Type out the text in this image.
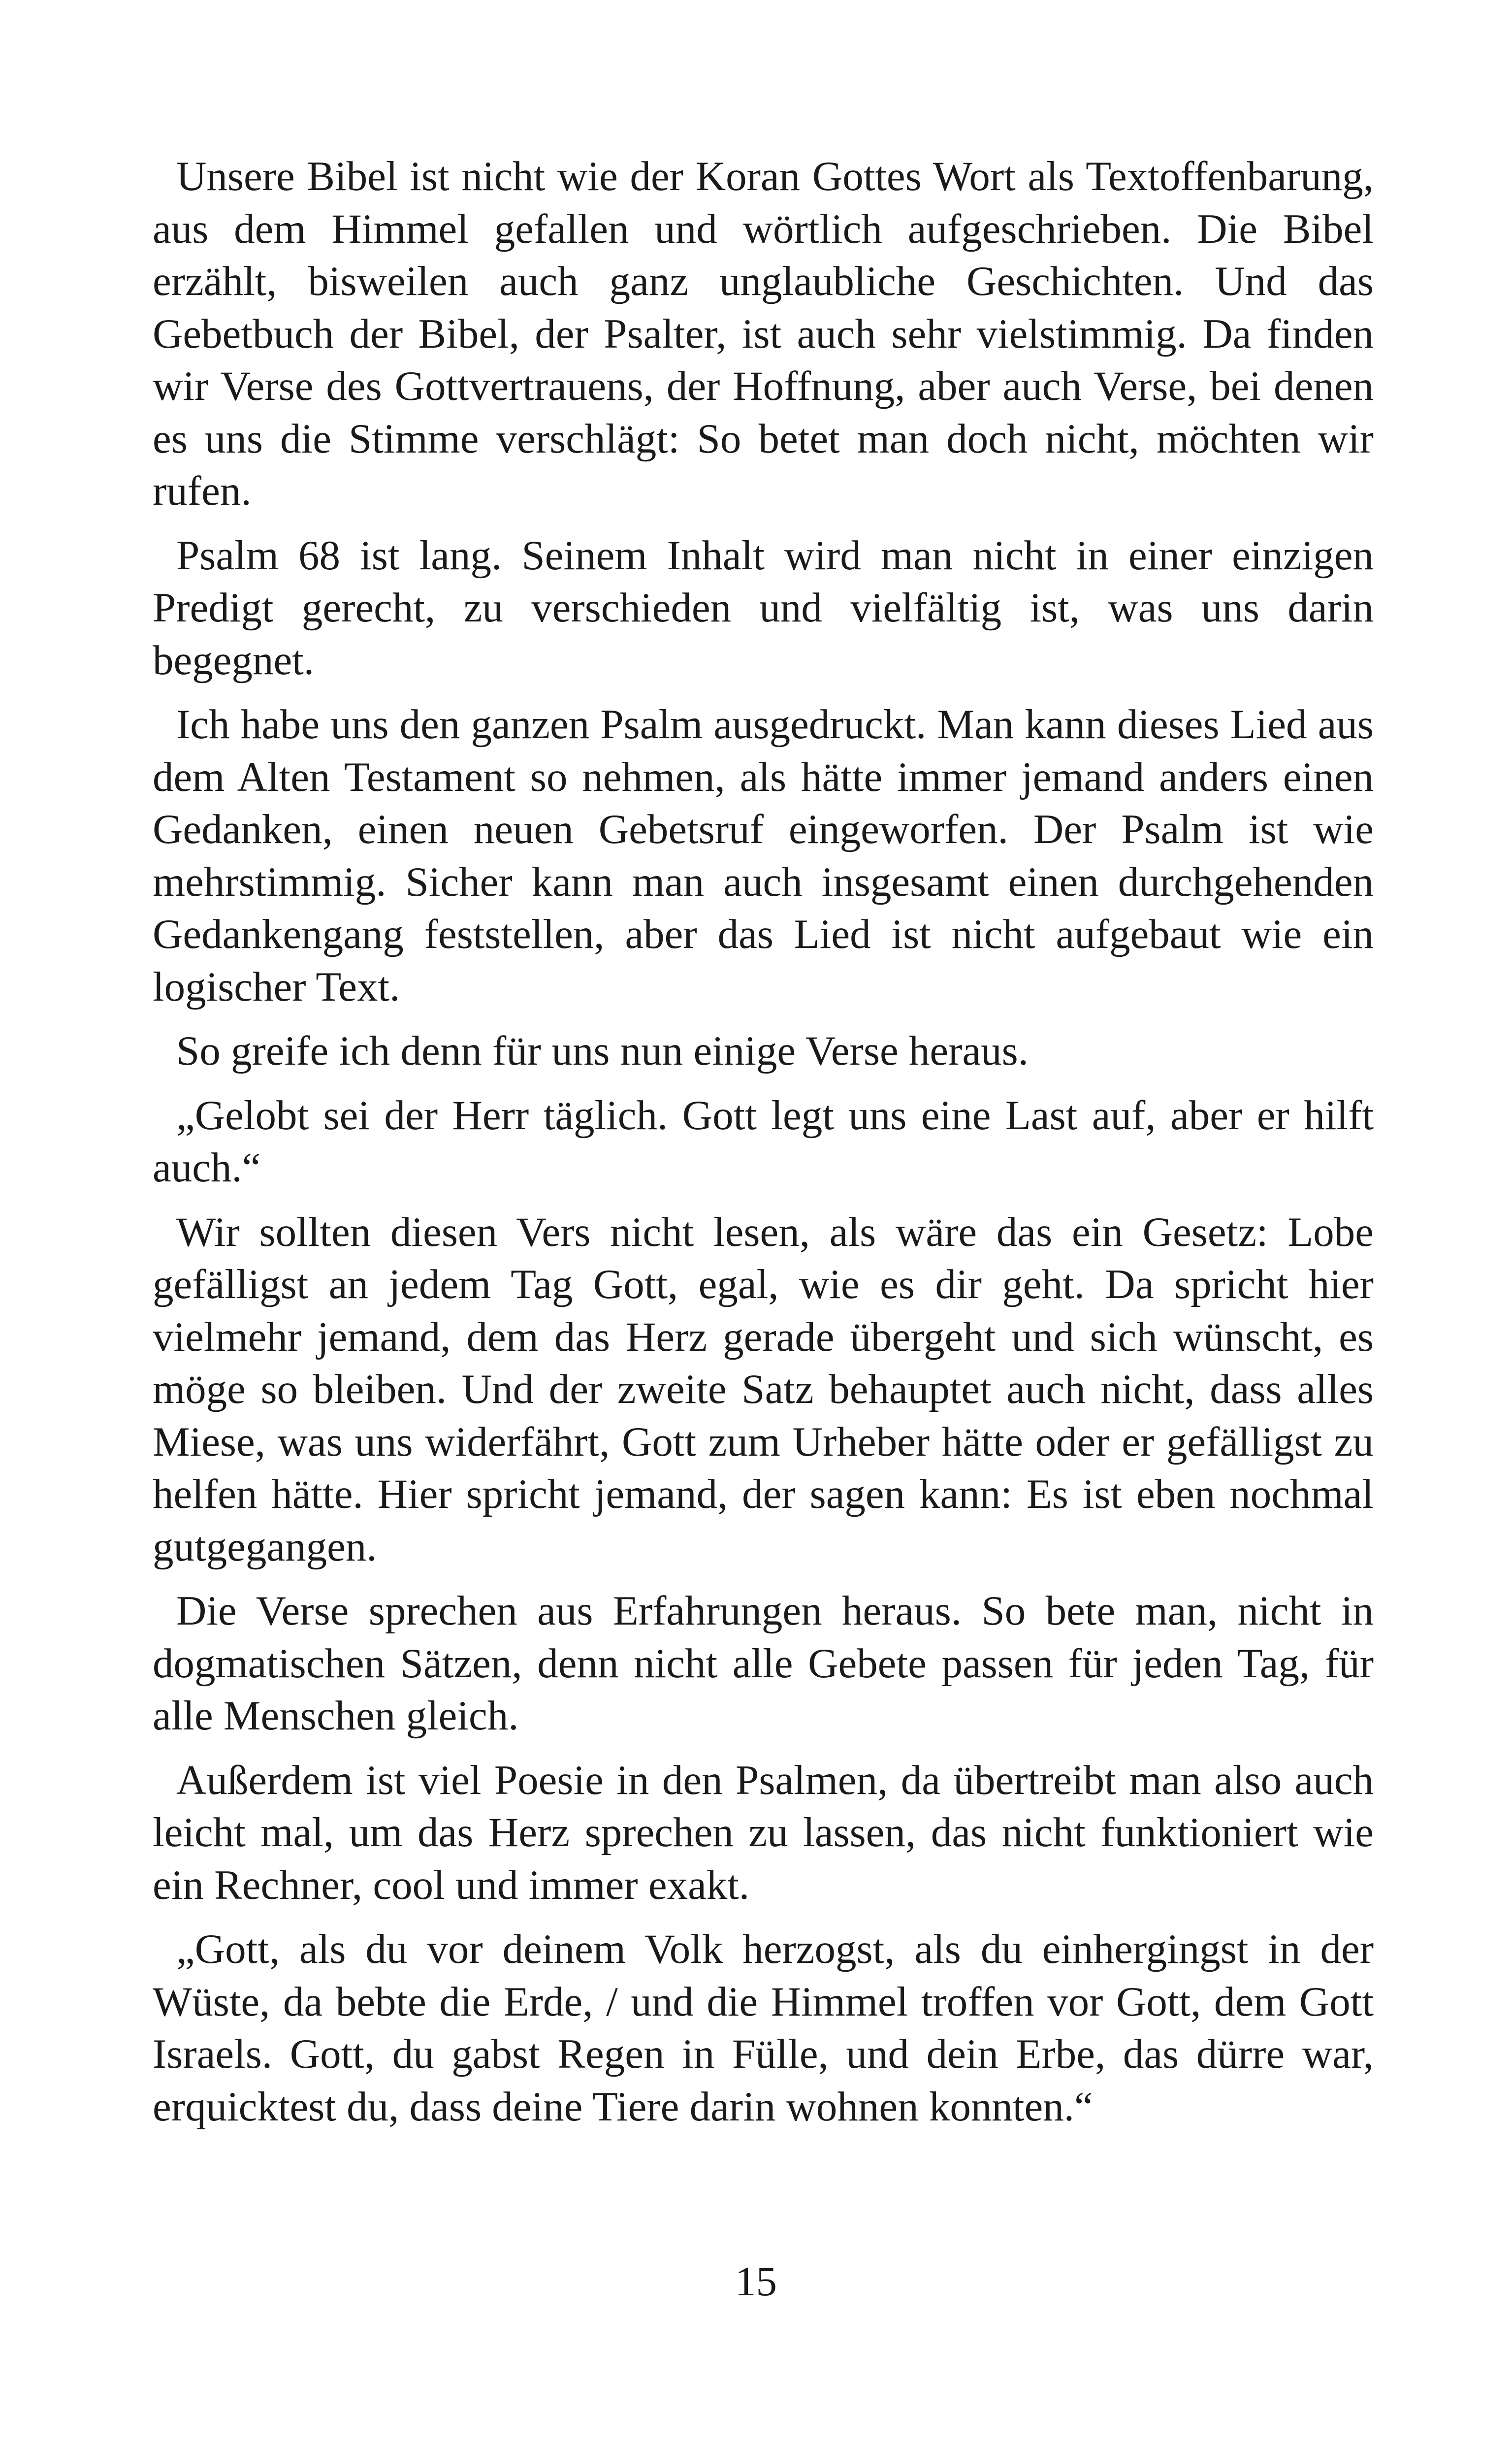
Unsere Bibel ist nicht wie der Koran Gottes Wort als Textoffenbarung, aus dem Himmel gefallen und wörtlich aufgeschrieben. Die Bibel erzählt, bisweilen auch ganz unglaubliche Geschichten. Und das Gebetbuch der Bibel, der Psalter, ist auch sehr vielstimmig. Da finden wir Verse des Gottvertrauens, der Hoffnung, aber auch Verse, bei denen es uns die Stimme verschlägt: So betet man doch nicht, möchten wir rufen.

Psalm 68 ist lang. Seinem Inhalt wird man nicht in einer einzigen Predigt gerecht, zu verschieden und vielfältig ist, was uns darin begegnet.

Ich habe uns den ganzen Psalm ausgedruckt. Man kann dieses Lied aus dem Alten Testament so nehmen, als hätte immer jemand anders einen Gedanken, einen neuen Gebetsruf eingeworfen. Der Psalm ist wie mehrstimmig. Sicher kann man auch insgesamt einen durchgehenden Gedankengang feststellen, aber das Lied ist nicht aufgebaut wie ein logischer Text.

So greife ich denn für uns nun einige Verse heraus.

„Gelobt sei der Herr täglich. Gott legt uns eine Last auf, aber er hilft auch.“

Wir sollten diesen Vers nicht lesen, als wäre das ein Gesetz: Lobe gefälligst an jedem Tag Gott, egal, wie es dir geht. Da spricht hier vielmehr jemand, dem das Herz gerade übergeht und sich wünscht, es möge so bleiben. Und der zweite Satz behauptet auch nicht, dass alles Miese, was uns widerfährt, Gott zum Urheber hätte oder er gefälligst zu helfen hätte. Hier spricht jemand, der sagen kann: Es ist eben nochmal gutgegangen.

Die Verse sprechen aus Erfahrungen heraus. So bete man, nicht in dogmatischen Sätzen, denn nicht alle Gebete passen für jeden Tag, für alle Menschen gleich.

Außerdem ist viel Poesie in den Psalmen, da übertreibt man also auch leicht mal, um das Herz sprechen zu lassen, das nicht funktioniert wie ein Rechner, cool und immer exakt.

„Gott, als du vor deinem Volk herzogst, als du einhergingst in der Wüste, da bebte die Erde, / und die Himmel troffen vor Gott, dem Gott Israels. Gott, du gabst Regen in Fülle, und dein Erbe, das dürre war, erquicktest du, dass deine Tiere darin wohnen konnten.“

15
